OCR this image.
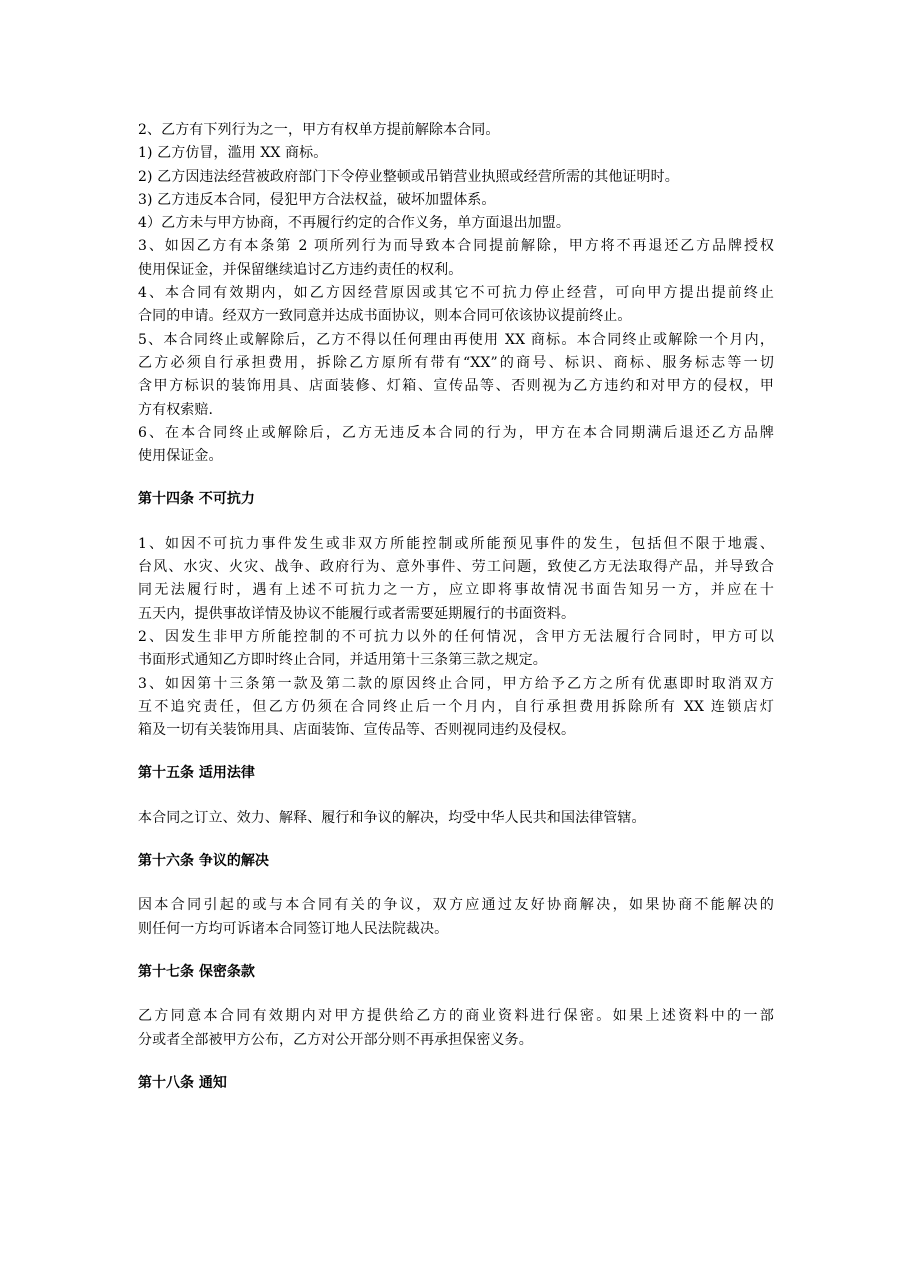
2、乙方有下列行为之一，甲方有权单方提前解除本合同。
1) 乙方仿冒，滥用 XX 商标。
2) 乙方因违法经营被政府部门下令停业整顿或吊销营业执照或经营所需的其他证明时。
3) 乙方违反本合同，侵犯甲方合法权益，破坏加盟体系。
4）乙方未与甲方协商，不再履行约定的合作义务，单方面退出加盟。
3、如因乙方有本条第 2 项所列行为而导致本合同提前解除，甲方将不再退还乙方品牌授权
使用保证金，并保留继续追讨乙方违约责任的权利。
4、本合同有效期内，如乙方因经营原因或其它不可抗力停止经营，可向甲方提出提前终止
合同的申请。经双方一致同意并达成书面协议，则本合同可依该协议提前终止。
5、本合同终止或解除后，乙方不得以任何理由再使用 XX 商标。本合同终止或解除一个月内，
乙方必须自行承担费用，拆除乙方原所有带有“XX”的商号、标识、商标、服务标志等一切
含甲方标识的装饰用具、店面装修、灯箱、宣传品等、否则视为乙方违约和对甲方的侵权，甲
方有权索赔.
6、在本合同终止或解除后，乙方无违反本合同的行为，甲方在本合同期满后退还乙方品牌
使用保证金。
第十四条 不可抗力
1、如因不可抗力事件发生或非双方所能控制或所能预见事件的发生，包括但不限于地震、
台风、水灾、火灾、战争、政府行为、意外事件、劳工问题，致使乙方无法取得产品，并导致合
同无法履行时，遇有上述不可抗力之一方，应立即将事故情况书面告知另一方，并应在十
五天内，提供事故详情及协议不能履行或者需要延期履行的书面资料。
2、因发生非甲方所能控制的不可抗力以外的任何情况，含甲方无法履行合同时，甲方可以
书面形式通知乙方即时终止合同，并适用第十三条第三款之规定。
3、如因第十三条第一款及第二款的原因终止合同，甲方给予乙方之所有优惠即时取消双方
互不追究责任，但乙方仍须在合同终止后一个月内，自行承担费用拆除所有 XX 连锁店灯
箱及一切有关装饰用具、店面装饰、宣传品等、否则视同违约及侵权。
第十五条 适用法律
本合同之订立、效力、解释、履行和争议的解决，均受中华人民共和国法律管辖。
第十六条 争议的解决
因本合同引起的或与本合同有关的争议，双方应通过友好协商解决，如果协商不能解决的
则任何一方均可诉诸本合同签订地人民法院裁决。
第十七条 保密条款
乙方同意本合同有效期内对甲方提供给乙方的商业资料进行保密。如果上述资料中的一部
分或者全部被甲方公布，乙方对公开部分则不再承担保密义务。
第十八条 通知
